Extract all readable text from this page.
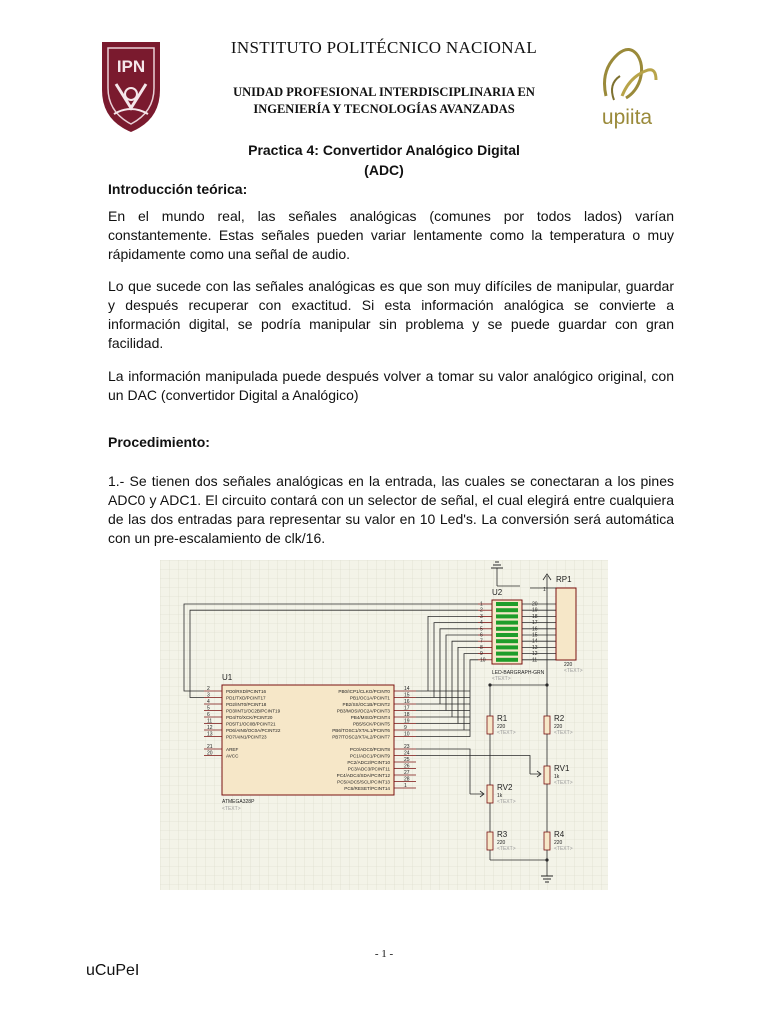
IPN
upiita
INSTITUTO POLITÉCNICO NACIONAL
UNIDAD PROFESIONAL INTERDISCIPLINARIA EN
INGENIERÍA Y TECNOLOGÍAS AVANZADAS
Practica 4: Convertidor Analógico Digital
(ADC)
Introducción teórica:
En el mundo real, las señales analógicas (comunes por todos lados) varían constantemente. Estas señales pueden variar lentamente como la temperatura o muy rápidamente como una señal de audio.
Lo que sucede con las señales analógicas es que son muy difíciles de manipular, guardar y después recuperar con exactitud. Si esta información analógica se convierte a información digital, se podría manipular sin problema y se puede guardar con gran facilidad.
La información manipulada puede después volver a tomar su valor analógico original, con un DAC (convertidor Digital a Analógico)
Procedimiento:
1.- Se tienen dos señales analógicas en la entrada, las cuales se conectaran a los pines ADC0 y ADC1. El circuito contará con un selector de señal, el cual elegirá entre cualquiera de las dos entradas para representar su valor en 10 Led's. La conversión será automática con un pre-escalamiento de clk/16.
U1
ATMEGA328P
<TEXT>
2	PD0/RXD/PCINT16
3	PD1/TXD/PCINT17
4	PD2/INT0/PCINT18
5	PD3/INT1/OC2B/PCINT19
6	PD4/T0/XCK/PCINT20
11	PD5/T1/OC0B/PCINT21
12	PD6/AIN0/OC0A/PCINT22
13	PD7/AIN1/PCINT23
21	AREF
20	AVCC
14
PB0/ICP1/CLKO/PCINT0
15
PB1/OC1A/PCINT1
16
PB2/SS/OC1B/PCINT2
17
PB3/MOSI/OC2A/PCINT3
18
PB4/MISO/PCINT4
19
PB5/SCK/PCINT5
9
PB6/TOSC1/XTAL1/PCINT6
10
PB7/TOSC2/XTAL2/PCINT7
23
PC0/ADC0/PCINT8
24
PC1/ADC1/PCINT9
25
PC2/ADC2/PCINT10
26
PC3/ADC3/PCINT11
27
PC4/ADC4/SDA/PCINT12
28
PC5/ADC5/SCL/PCINT13
1
PC6/RESET/PCINT14
U2
LED-BARGRAPH-GRN
<TEXT>
1	20
2	19
3	18
4	17
5	16
6	15
7	14
8	13
9	12
10	11
RP1
220
<TEXT>
1
R1
220
<TEXT>
R2
220
<TEXT>
R3
220
<TEXT>
R4
220
<TEXT>
RV1
1k
<TEXT>
RV2
1k
<TEXT>
- 1 -
uCuPeI
